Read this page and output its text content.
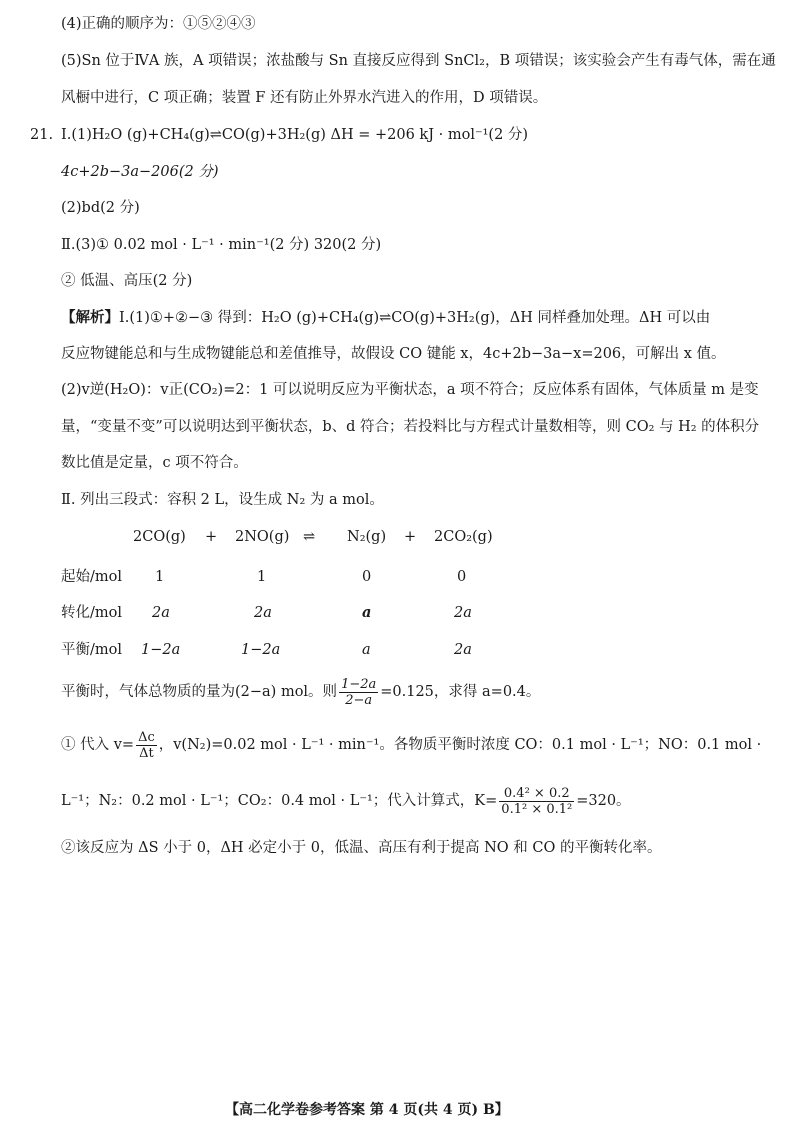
(4)正确的顺序为：①⑤②④③
(5)Sn 位于ⅣA 族，A 项错误；浓盐酸与 Sn 直接反应得到 SnCl₂，B 项错误；该实验会产生有毒气体，需在通
风橱中进行，C 项正确；装置 F 还有防止外界水汽进入的作用，D 项错误。
21. Ⅰ.(1)H₂O (g)+CH₄(g)⇌CO(g)+3H₂(g) ΔH = +206 kJ · mol⁻¹(2 分)
4c+2b−3a−206(2 分)
(2)bd(2 分)
Ⅱ.(3)① 0.02 mol · L⁻¹ · min⁻¹(2 分) 320(2 分)
② 低温、高压(2 分)
【解析】Ⅰ.(1)①+②−③ 得到：H₂O (g)+CH₄(g)⇌CO(g)+3H₂(g)，ΔH 同样叠加处理。ΔH 可以由
反应物键能总和与生成物键能总和差值推导，故假设 CO 键能 x，4c+2b−3a−x=206，可解出 x 值。
(2)v逆(H₂O)：v正(CO₂)=2：1 可以说明反应为平衡状态，a 项不符合；反应体系有固体，气体质量 m 是变
量，“变量不变”可以说明达到平衡状态，b、d 符合；若投料比与方程式计量数相等，则 CO₂ 与 H₂ 的体积分
数比值是定量，c 项不符合。
Ⅱ. 列出三段式：容积 2 L，设生成 N₂ 为 a mol。
2CO(g) + 2NO(g) ⇌ N₂(g) + 2CO₂(g)
起始/mol 1	1	0	0
转化/mol 2a	2a	a	2a
平衡/mol 1−2a	1−2a	a	2a
平衡时，气体总物质的量为(2−a) mol。则 $\frac{1-2a}{2-a} =0.125$，求得 a=0.4。
① 代入 $v= \frac{\Delta c}{\Delta t}$ ，v(N₂)=0.02 mol · L⁻¹ · min⁻¹。各物质平衡时浓度 CO：0.1 mol · L⁻¹；NO：0.1 mol ·
L⁻¹；N₂：0.2 mol · L⁻¹；CO₂：0.4 mol · L⁻¹；代入计算式，$K= \frac{\text{0.4² × 0.2}}{\text{0.1² × 0.1²}} =320$。
②该反应为 ΔS 小于 0，ΔH 必定小于 0，低温、高压有利于提高 NO 和 CO 的平衡转化率。
【高二化学卷参考答案 第 4 页(共 4 页) B】
